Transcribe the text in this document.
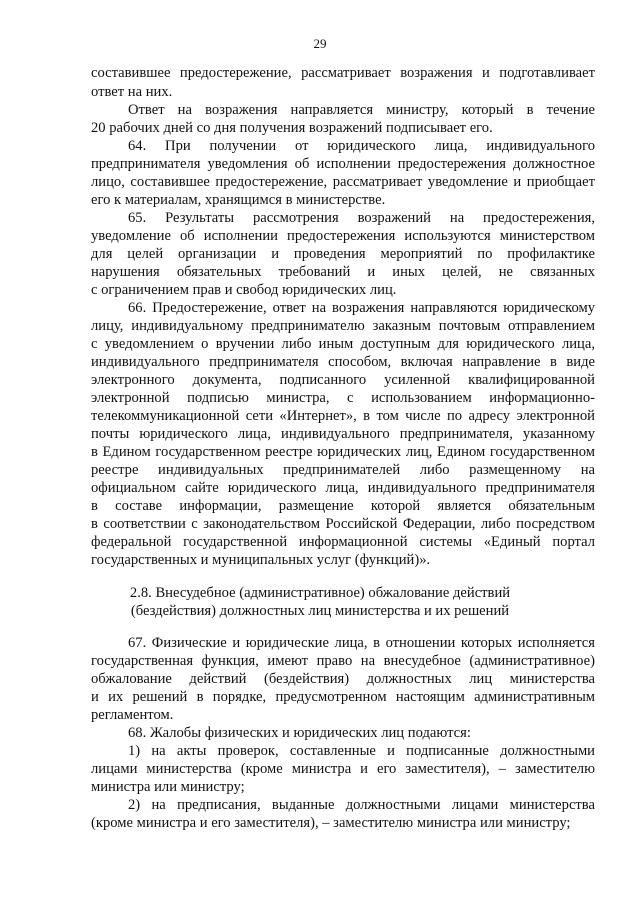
29
составившее предостережение, рассматривает возражения и подготавливает
ответ на них.
Ответ на возражения направляется министру, который в течение
20 рабочих дней со дня получения возражений подписывает его.
64. При получении от юридического лица, индивидуального
предпринимателя уведомления об исполнении предостережения должностное
лицо, составившее предостережение, рассматривает уведомление и приобщает
его к материалам, хранящимся в министерстве.
65. Результаты рассмотрения возражений на предостережения,
уведомление об исполнении предостережения используются министерством
для целей организации и проведения мероприятий по профилактике
нарушения обязательных требований и иных целей, не связанных
с ограничением прав и свобод юридических лиц.
66. Предостережение, ответ на возражения направляются юридическому
лицу, индивидуальному предпринимателю заказным почтовым отправлением
с уведомлением о вручении либо иным доступным для юридического лица,
индивидуального предпринимателя способом, включая направление в виде
электронного документа, подписанного усиленной квалифицированной
электронной подписью министра, с использованием информационно-
телекоммуникационной сети «Интернет», в том числе по адресу электронной
почты юридического лица, индивидуального предпринимателя, указанному
в Едином государственном реестре юридических лиц, Едином государственном
реестре индивидуальных предпринимателей либо размещенному на
официальном сайте юридического лица, индивидуального предпринимателя
в составе информации, размещение которой является обязательным
в соответствии с законодательством Российской Федерации, либо посредством
федеральной государственной информационной системы «Единый портал
государственных и муниципальных услуг (функций)».
2.8. Внесудебное (административное) обжалование действий
(бездействия) должностных лиц министерства и их решений
67. Физические и юридические лица, в отношении которых исполняется
государственная функция, имеют право на внесудебное (административное)
обжалование действий (бездействия) должностных лиц министерства
и их решений в порядке, предусмотренном настоящим административным
регламентом.
68. Жалобы физических и юридических лиц подаются:
1) на акты проверок, составленные и подписанные должностными
лицами министерства (кроме министра и его заместителя), – заместителю
министра или министру;
2) на предписания, выданные должностными лицами министерства
(кроме министра и его заместителя), – заместителю министра или министру;
